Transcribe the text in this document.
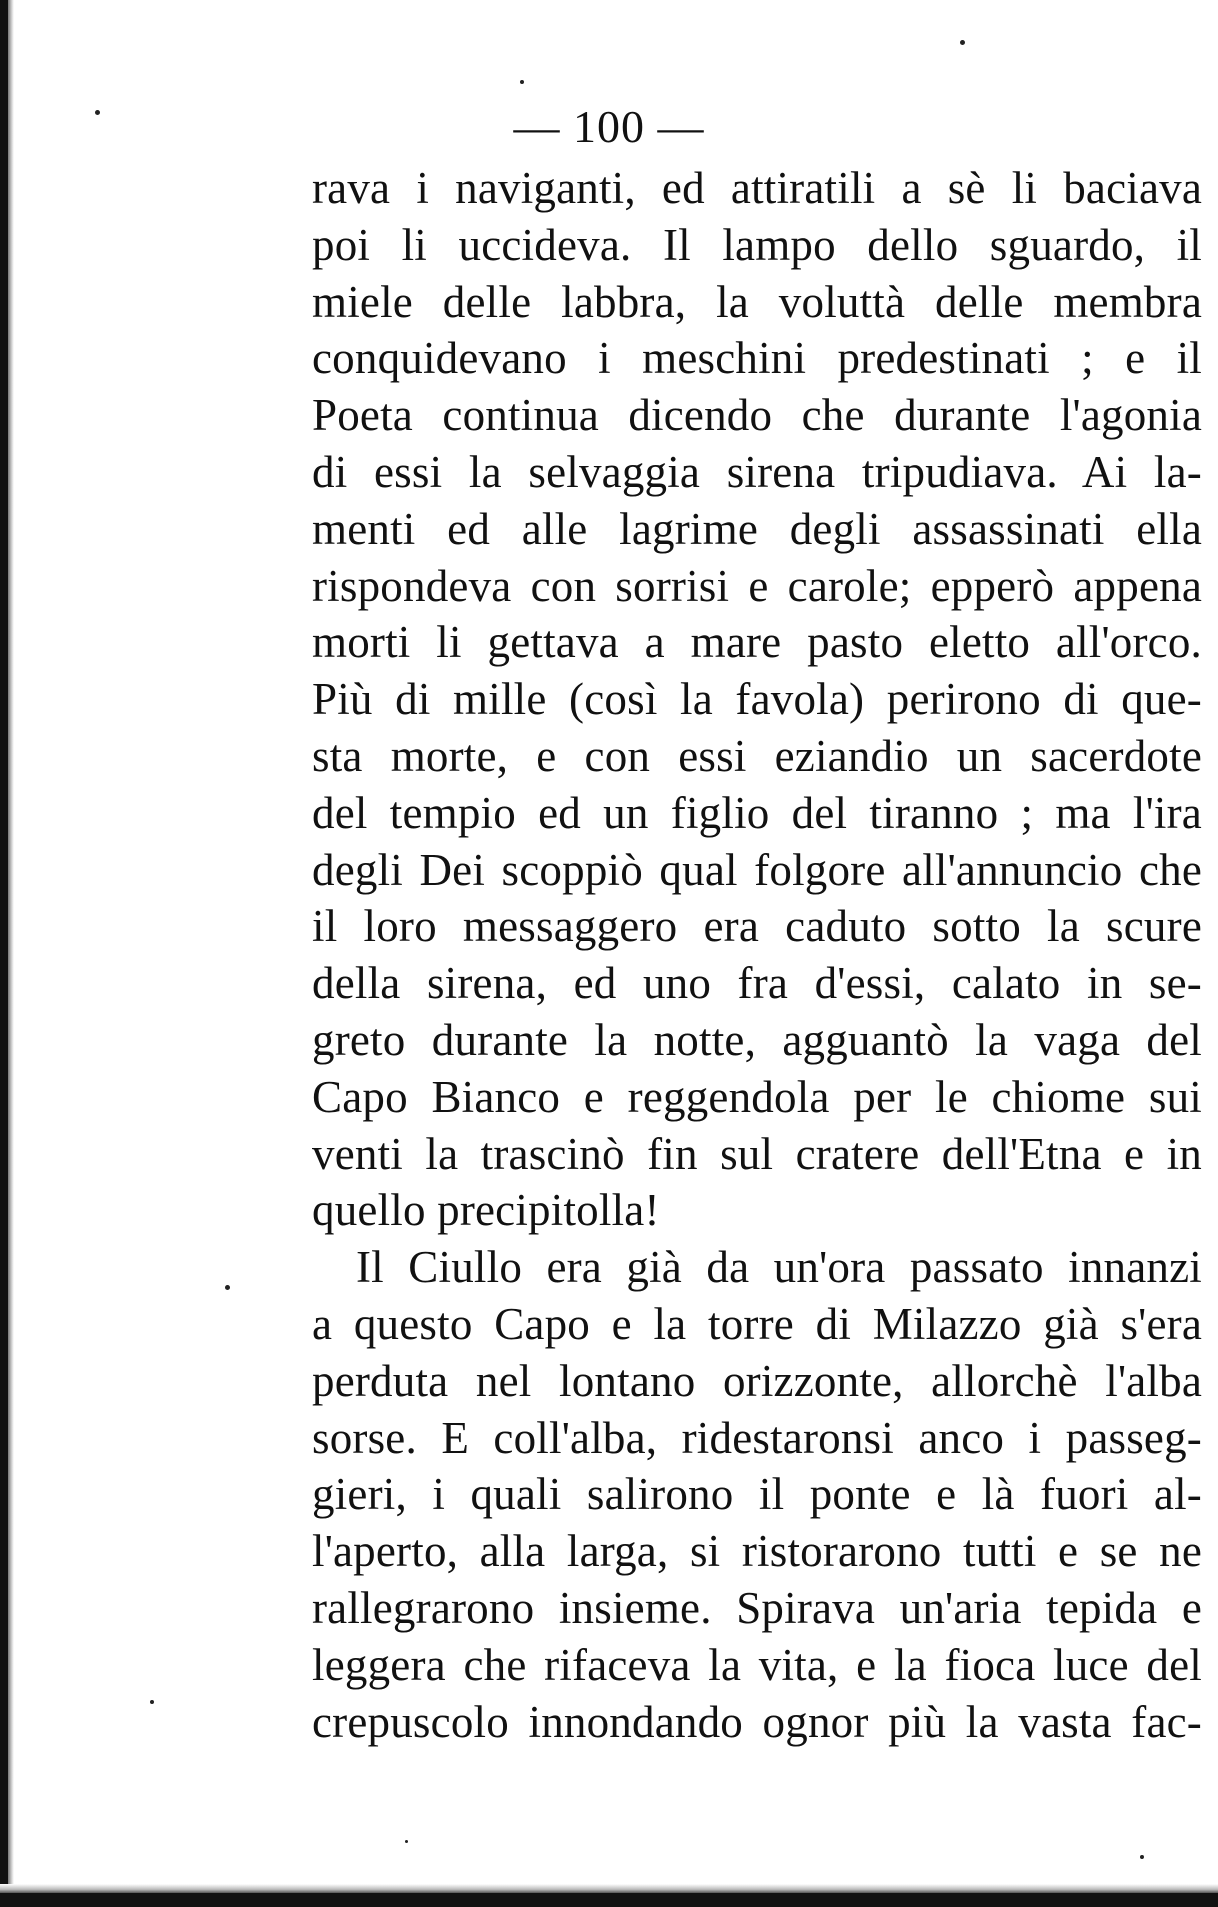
— 100 —
rava i naviganti, ed attiratili a sè li baciava
poi li uccideva. Il lampo dello sguardo, il
miele delle labbra, la voluttà delle membra
conquidevano i meschini predestinati ; e il
Poeta continua dicendo che durante l'agonia
di essi la selvaggia sirena tripudiava. Ai la-
menti ed alle lagrime degli assassinati ella
rispondeva con sorrisi e carole; epperò appena
morti li gettava a mare pasto eletto all'orco.
Più di mille (così la favola) perirono di que-
sta morte, e con essi eziandio un sacerdote
del tempio ed un figlio del tiranno ; ma l'ira
degli Dei scoppiò qual folgore all'annuncio che
il loro messaggero era caduto sotto la scure
della sirena, ed uno fra d'essi, calato in se-
greto durante la notte, agguantò la vaga del
Capo Bianco e reggendola per le chiome sui
venti la trascinò fin sul cratere dell'Etna e in
quello precipitolla!
Il Ciullo era già da un'ora passato innanzi
a questo Capo e la torre di Milazzo già s'era
perduta nel lontano orizzonte, allorchè l'alba
sorse. E coll'alba, ridestaronsi anco i passeg-
gieri, i quali salirono il ponte e là fuori al-
l'aperto, alla larga, si ristorarono tutti e se ne
rallegrarono insieme. Spirava un'aria tepida e
leggera che rifaceva la vita, e la fioca luce del
crepuscolo innondando ognor più la vasta fac-
